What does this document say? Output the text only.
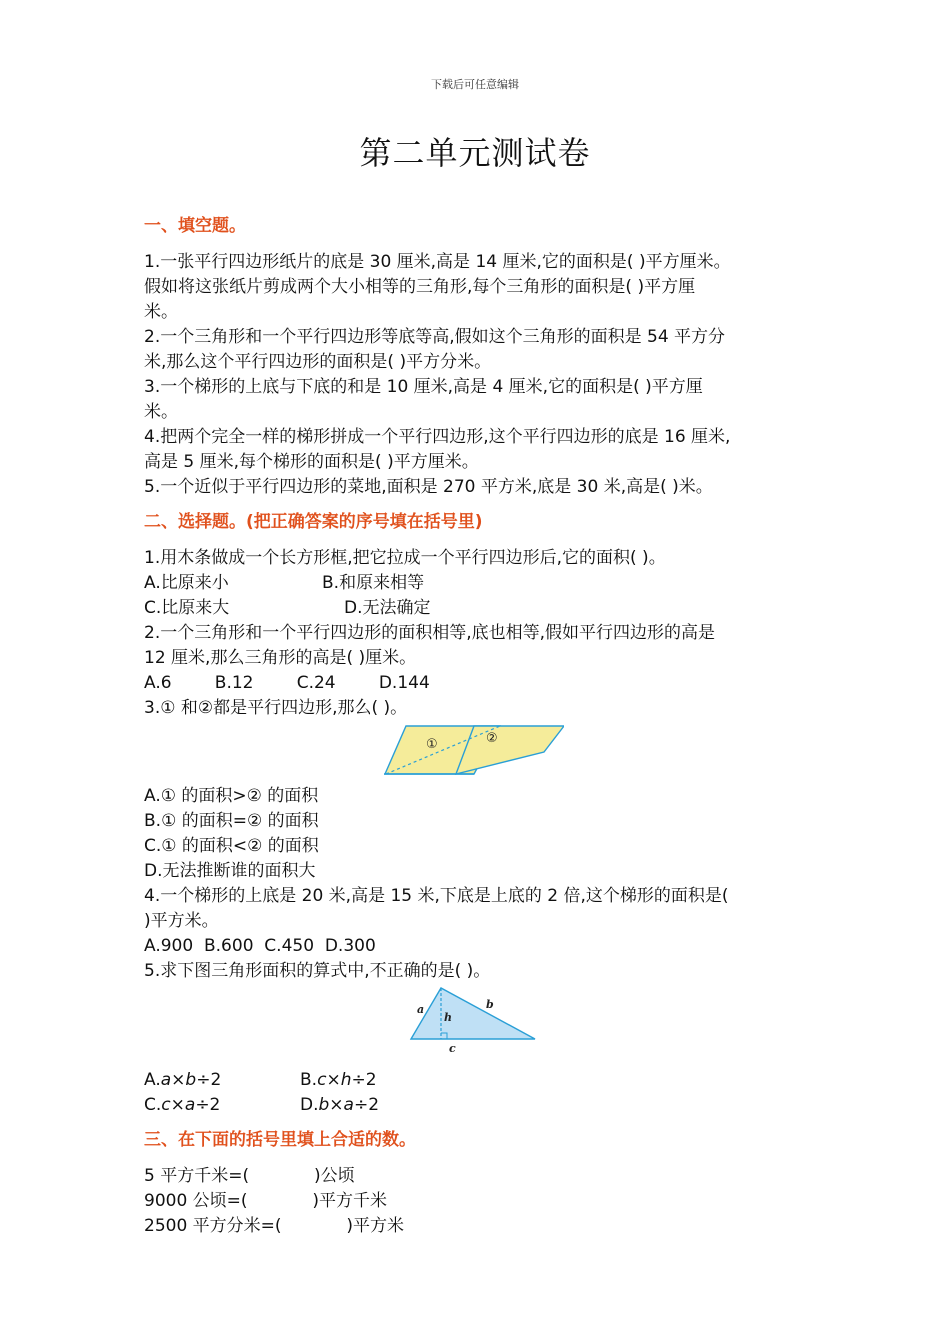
下载后可任意编辑
第二单元测试卷
一、填空题。

1.一张平行四边形纸片的底是 30 厘米,高是 14 厘米,它的面积是( )平方厘米。

假如将这张纸片剪成两个大小相等的三角形,每个三角形的面积是( )平方厘

米。

2.一个三角形和一个平行四边形等底等高,假如这个三角形的面积是 54 平方分

米,那么这个平行四边形的面积是( )平方分米。

3.一个梯形的上底与下底的和是 10 厘米,高是 4 厘米,它的面积是( )平方厘

米。

4.把两个完全一样的梯形拼成一个平行四边形,这个平行四边形的底是 16 厘米,

高是 5 厘米,每个梯形的面积是( )平方厘米。

5.一个近似于平行四边形的菜地,面积是 270 平方米,底是 30 米,高是( )米。

二、选择题。(把正确答案的序号填在括号里)

1.用木条做成一个长方形框,把它拉成一个平行四边形后,它的面积( )。

A.比原来小	B.和原来相等

C.比原来大	D.无法确定

2.一个三角形和一个平行四边形的面积相等,底也相等,假如平行四边形的高是

12 厘米,那么三角形的高是( )厘米。

A.6        B.12        C.24        D.144

3.① 和②都是平行四边形,那么( )。

①	②

A.① 的面积>② 的面积

B.① 的面积=② 的面积

C.① 的面积<② 的面积

D.无法推断谁的面积大

4.一个梯形的上底是 20 米,高是 15 米,下底是上底的 2 倍,这个梯形的面积是(

)平方米。

A.900  B.600  C.450  D.300

5.求下图三角形面积的算式中,不正确的是( )。

a	b
h
c

A.a×b÷2	B.c×h÷2

C.c×a÷2	D.b×a÷2

三、在下面的括号里填上合适的数。

5 平方千米=(            )公顷

9000 公顷=(            )平方千米

2500 平方分米=(            )平方米
